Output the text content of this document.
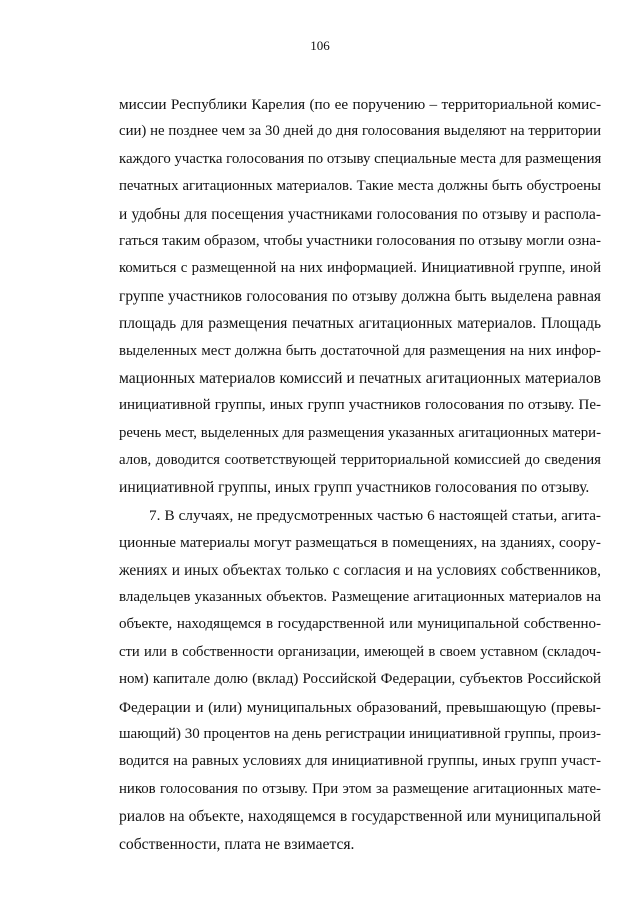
106
миссии Республики Карелия (по ее поручению – территориальной комис-
сии) не позднее чем за 30 дней до дня голосования выделяют на территории
каждого участка голосования по отзыву специальные места для размещения
печатных агитационных материалов. Такие места должны быть обустроены
и удобны для посещения участниками голосования по отзыву и распола-
гаться таким образом, чтобы участники голосования по отзыву могли озна-
комиться с размещенной на них информацией. Инициативной группе, иной
группе участников голосования по отзыву должна быть выделена равная
площадь для размещения печатных агитационных материалов. Площадь
выделенных мест должна быть достаточной для размещения на них инфор-
мационных материалов комиссий и печатных агитационных материалов
инициативной группы, иных групп участников голосования по отзыву. Пе-
речень мест, выделенных для размещения указанных агитационных матери-
алов, доводится соответствующей территориальной комиссией до сведения
инициативной группы, иных групп участников голосования по отзыву.
7. В случаях, не предусмотренных частью 6 настоящей статьи, агита-
ционные материалы могут размещаться в помещениях, на зданиях, соору-
жениях и иных объектах только с согласия и на условиях собственников,
владельцев указанных объектов. Размещение агитационных материалов на
объекте, находящемся в государственной или муниципальной собственно-
сти или в собственности организации, имеющей в своем уставном (складоч-
ном) капитале долю (вклад) Российской Федерации, субъектов Российской
Федерации и (или) муниципальных образований, превышающую (превы-
шающий) 30 процентов на день регистрации инициативной группы, произ-
водится на равных условиях для инициативной группы, иных групп участ-
ников голосования по отзыву. При этом за размещение агитационных мате-
риалов на объекте, находящемся в государственной или муниципальной
собственности, плата не взимается.
